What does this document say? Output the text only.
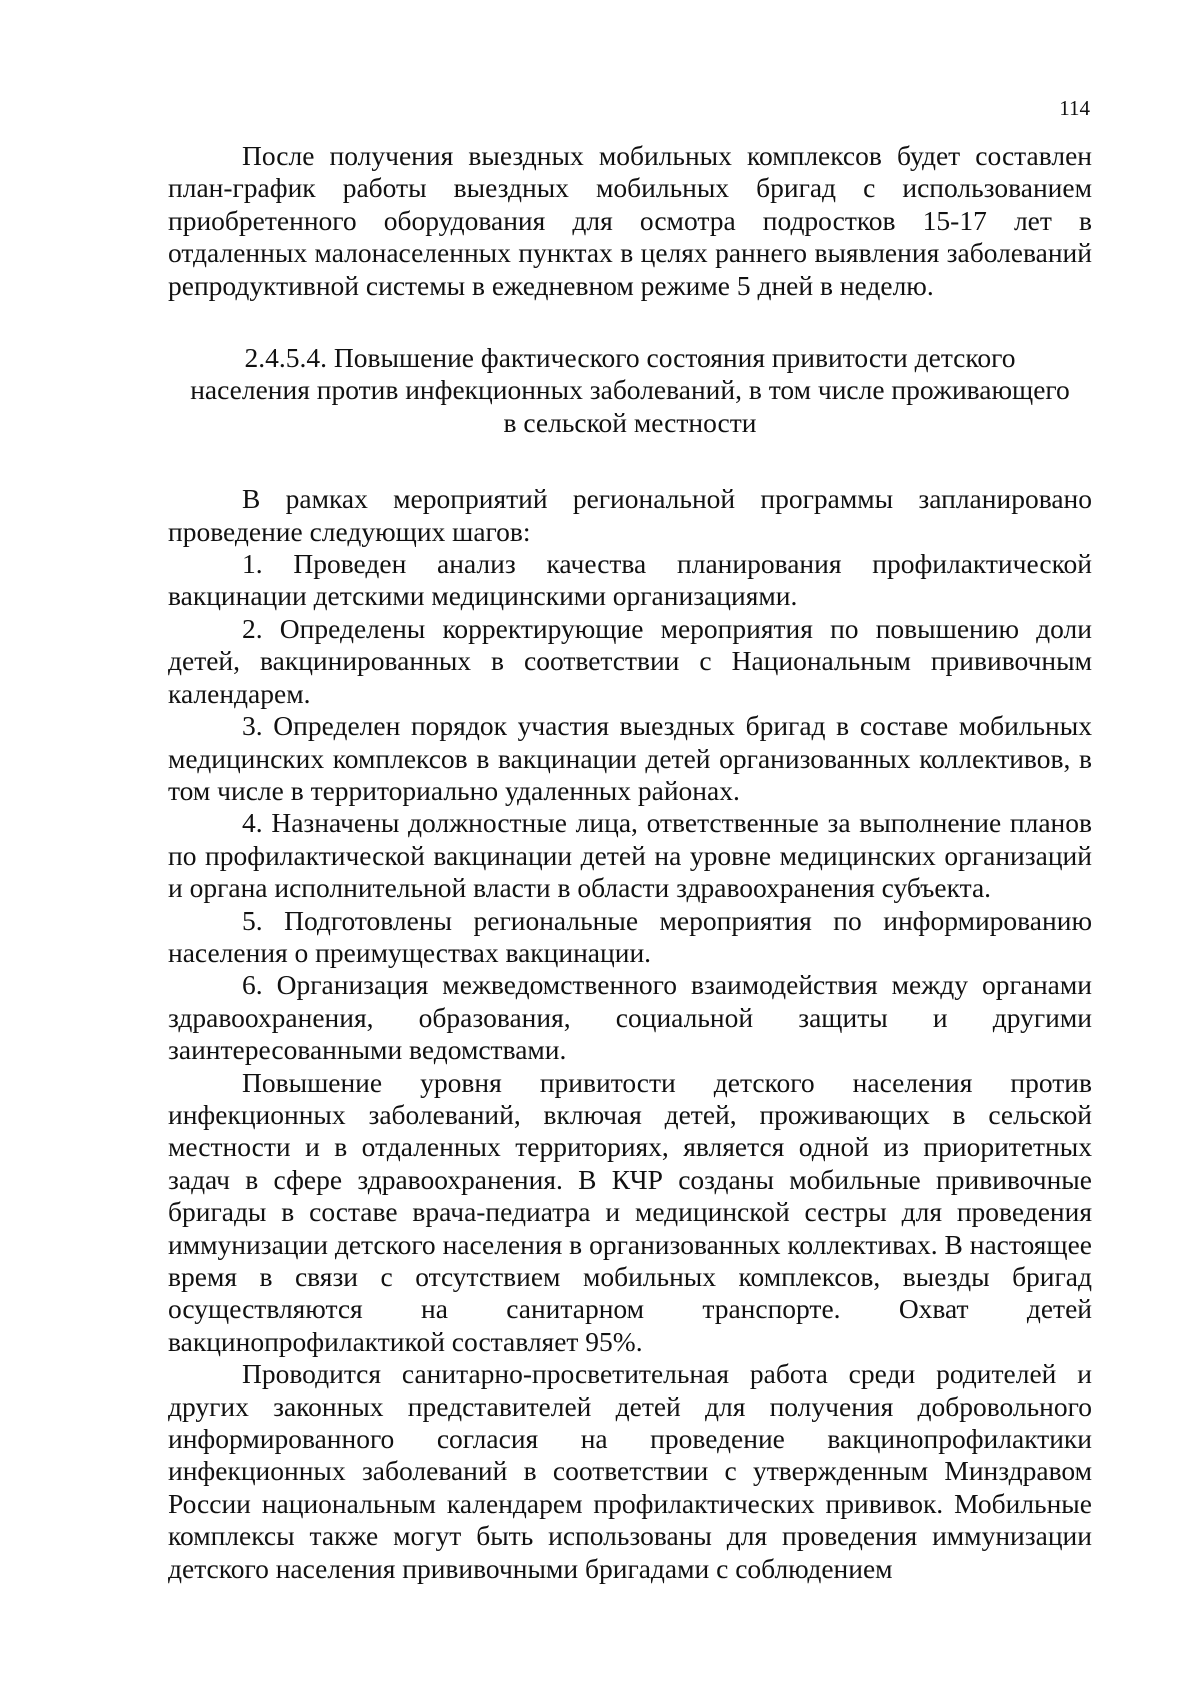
114

После получения выездных мобильных комплексов будет составлен план-график работы выездных мобильных бригад с использованием приобретенного оборудования для осмотра подростков 15-17 лет в отдаленных малонаселенных пунктах в целях раннего выявления заболеваний репродуктивной системы в ежедневном режиме 5 дней в неделю.

2.4.5.4. Повышение фактического состояния привитости детского
населения против инфекционных заболеваний, в том числе проживающего
в сельской местности

В рамках мероприятий региональной программы запланировано проведение следующих шагов:

1. Проведен анализ качества планирования профилактической вакцинации детскими медицинскими организациями.

2. Определены корректирующие мероприятия по повышению доли детей, вакцинированных в соответствии с Национальным прививочным календарем.

3. Определен порядок участия выездных бригад в составе мобильных медицинских комплексов в вакцинации детей организованных коллективов, в том числе в территориально удаленных районах.

4. Назначены должностные лица, ответственные за выполнение планов по профилактической вакцинации детей на уровне медицинских организаций и органа исполнительной власти в области здравоохранения субъекта.

5. Подготовлены региональные мероприятия по информированию населения о преимуществах вакцинации.

6. Организация межведомственного взаимодействия между органами здравоохранения, образования, социальной защиты и другими заинтересованными ведомствами.

Повышение уровня привитости детского населения против инфекционных заболеваний, включая детей, проживающих в сельской местности и в отдаленных территориях, является одной из приоритетных задач в сфере здравоохранения. В КЧР созданы мобильные прививочные бригады в составе врача-педиатра и медицинской сестры для проведения иммунизации детского населения в организованных коллективах. В настоящее время в связи с отсутствием мобильных комплексов, выезды бригад осуществляются на санитарном транспорте. Охват детей вакцинопрофилактикой составляет 95%.

Проводится санитарно-просветительная работа среди родителей и других законных представителей детей для получения добровольного информированного согласия на проведение вакцинопрофилактики инфекционных заболеваний в соответствии с утвержденным Минздравом России национальным календарем профилактических прививок. Мобильные комплексы также могут быть использованы для проведения иммунизации детского населения прививочными бригадами с соблюдением
